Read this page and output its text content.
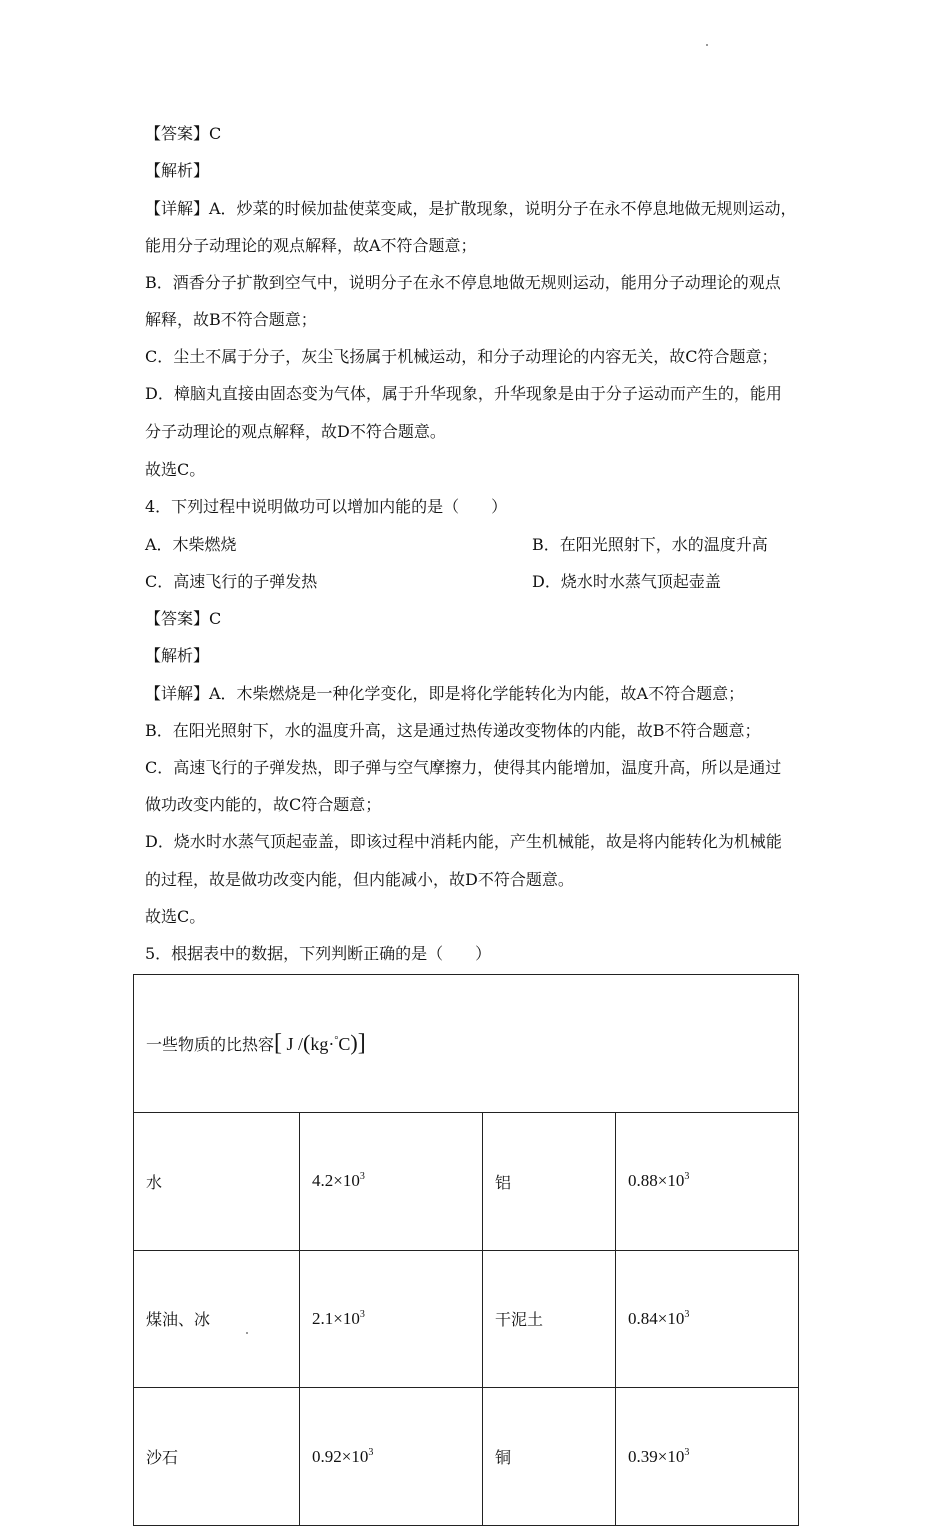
【答案】C
【解析】
【详解】A．炒菜的时候加盐使菜变咸，是扩散现象，说明分子在永不停息地做无规则运动，
能用分子动理论的观点解释，故A不符合题意；
B．酒香分子扩散到空气中，说明分子在永不停息地做无规则运动，能用分子动理论的观点
解释，故B不符合题意；
C．尘土不属于分子，灰尘飞扬属于机械运动，和分子动理论的内容无关，故C符合题意；
D．樟脑丸直接由固态变为气体，属于升华现象，升华现象是由于分子运动而产生的，能用
分子动理论的观点解释，故D不符合题意。
故选C。
4．下列过程中说明做功可以增加内能的是（　　）
A．木柴燃烧	B．在阳光照射下，水的温度升高
C．高速飞行的子弹发热	D．烧水时水蒸气顶起壶盖
【答案】C
【解析】
【详解】A．木柴燃烧是一种化学变化，即是将化学能转化为内能，故A不符合题意；
B．在阳光照射下，水的温度升高，这是通过热传递改变物体的内能，故B不符合题意；
C．高速飞行的子弹发热，即子弹与空气摩擦力，使得其内能增加，温度升高，所以是通过
做功改变内能的，故C符合题意；
D．烧水时水蒸气顶起壶盖，即该过程中消耗内能，产生机械能，故是将内能转化为机械能
的过程，故是做功改变内能，但内能减小，故D不符合题意。
故选C。
5．根据表中的数据，下列判断正确的是（　　）
一些物质的比热容[ J /(kg·°C)]			
水	$4.2\times 10^3$	铝	$0.88\times 10^3$
煤油、冰	$2.1\times 10^3$	干泥土	$0.84\times 10^3$
沙石	$0.92\times 10^3$	铜	$0.39\times 10^3$
